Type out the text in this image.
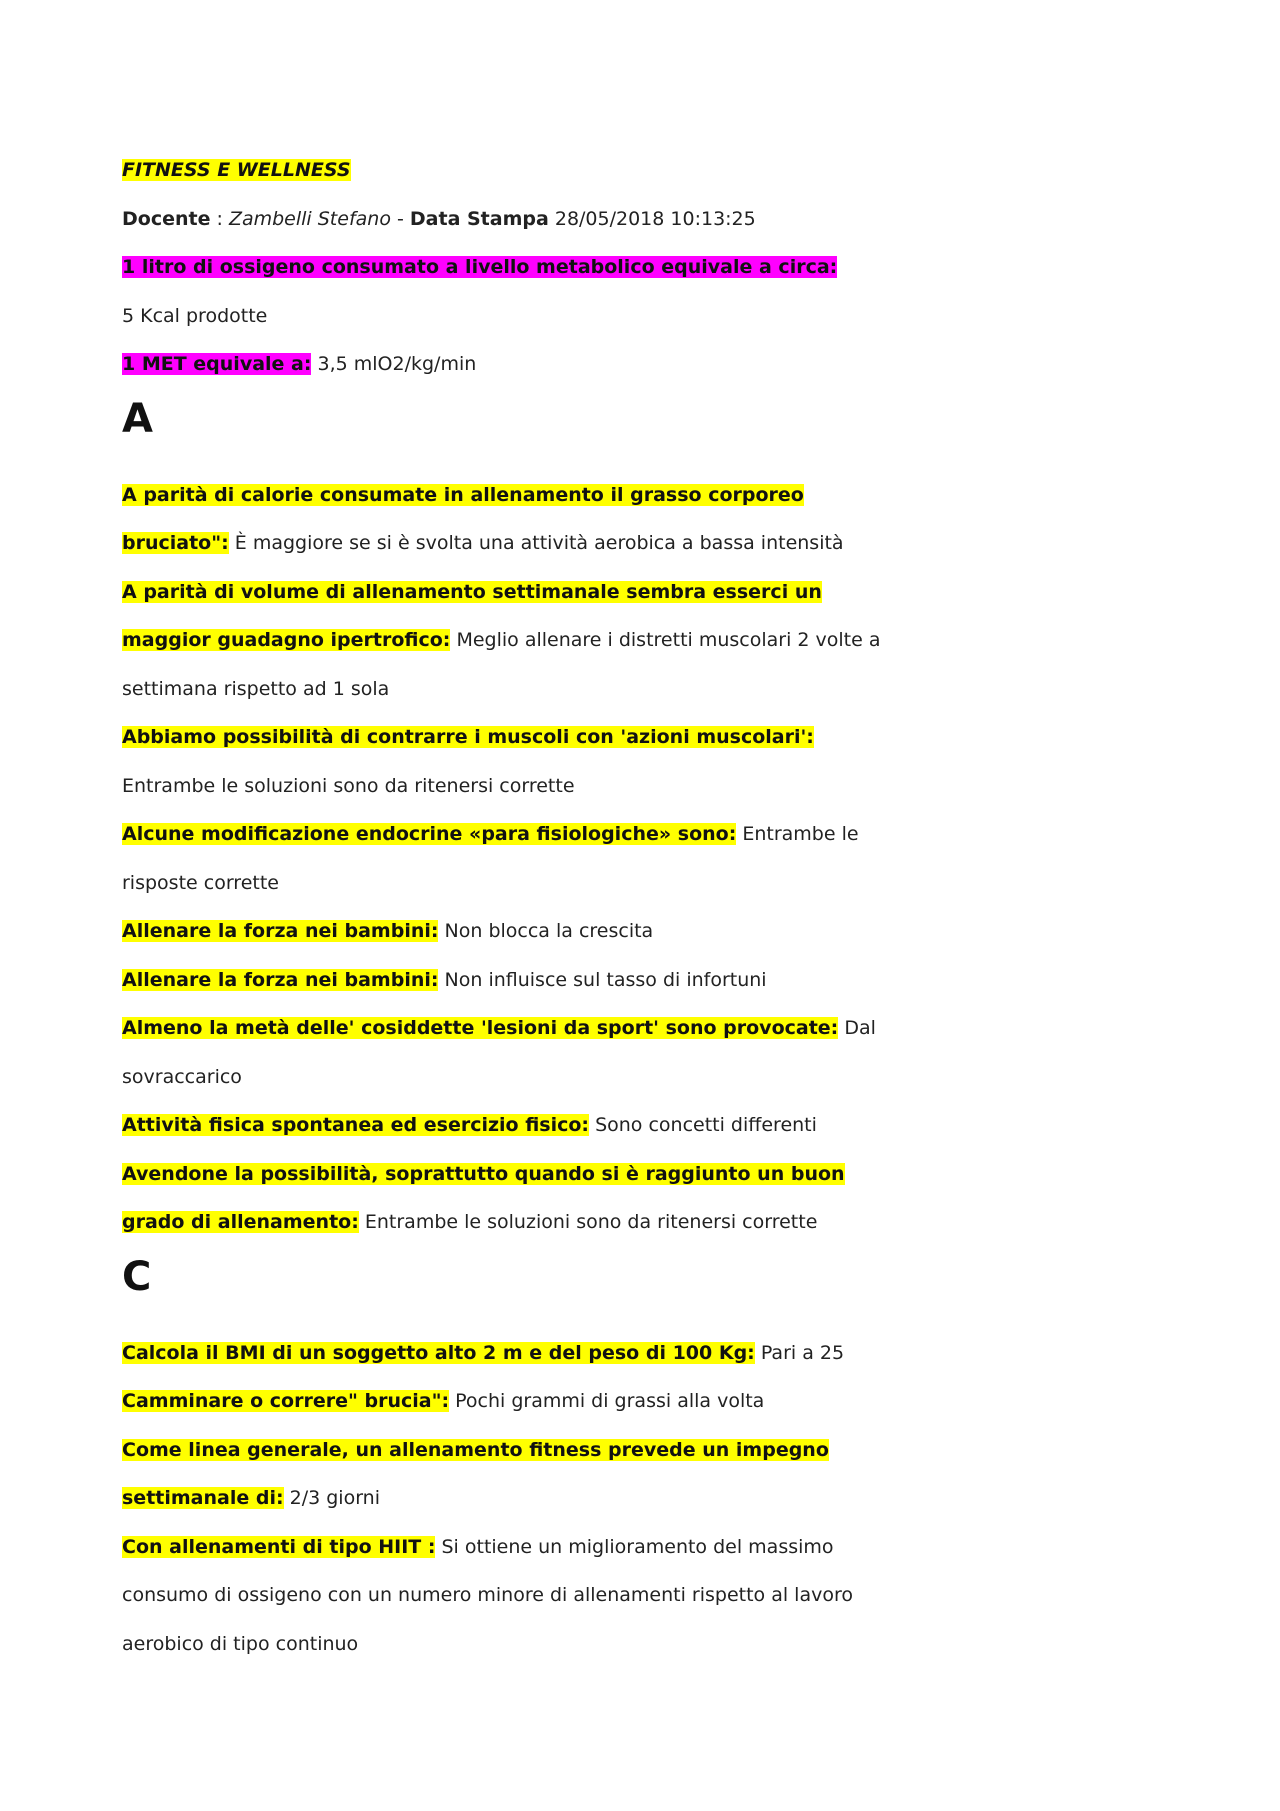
FITNESS E WELLNESS
Docente : Zambelli Stefano - Data Stampa 28/05/2018 10:13:25
1 litro di ossigeno consumato a livello metabolico equivale a circa:
5 Kcal prodotte
1 MET equivale a: 3,5 mlO2/kg/min
A
A parità di calorie consumate in allenamento il grasso corporeo
bruciato": È maggiore se si è svolta una attività aerobica a bassa intensità
A parità di volume di allenamento settimanale sembra esserci un
maggior guadagno ipertrofico: Meglio allenare i distretti muscolari 2 volte a
settimana rispetto ad 1 sola
Abbiamo possibilità di contrarre i muscoli con 'azioni muscolari':
Entrambe le soluzioni sono da ritenersi corrette
Alcune modificazione endocrine «para fisiologiche» sono: Entrambe le
risposte corrette
Allenare la forza nei bambini: Non blocca la crescita
Allenare la forza nei bambini: Non influisce sul tasso di infortuni
Almeno la metà delle' cosiddette 'lesioni da sport' sono provocate: Dal
sovraccarico
Attività fisica spontanea ed esercizio fisico: Sono concetti differenti
Avendone la possibilità, soprattutto quando si è raggiunto un buon
grado di allenamento: Entrambe le soluzioni sono da ritenersi corrette
C
Calcola il BMI di un soggetto alto 2 m e del peso di 100 Kg: Pari a 25
Camminare o correre" brucia": Pochi grammi di grassi alla volta
Come linea generale, un allenamento fitness prevede un impegno
settimanale di: 2/3 giorni
Con allenamenti di tipo HIIT : Si ottiene un miglioramento del massimo
consumo di ossigeno con un numero minore di allenamenti rispetto al lavoro
aerobico di tipo continuo
